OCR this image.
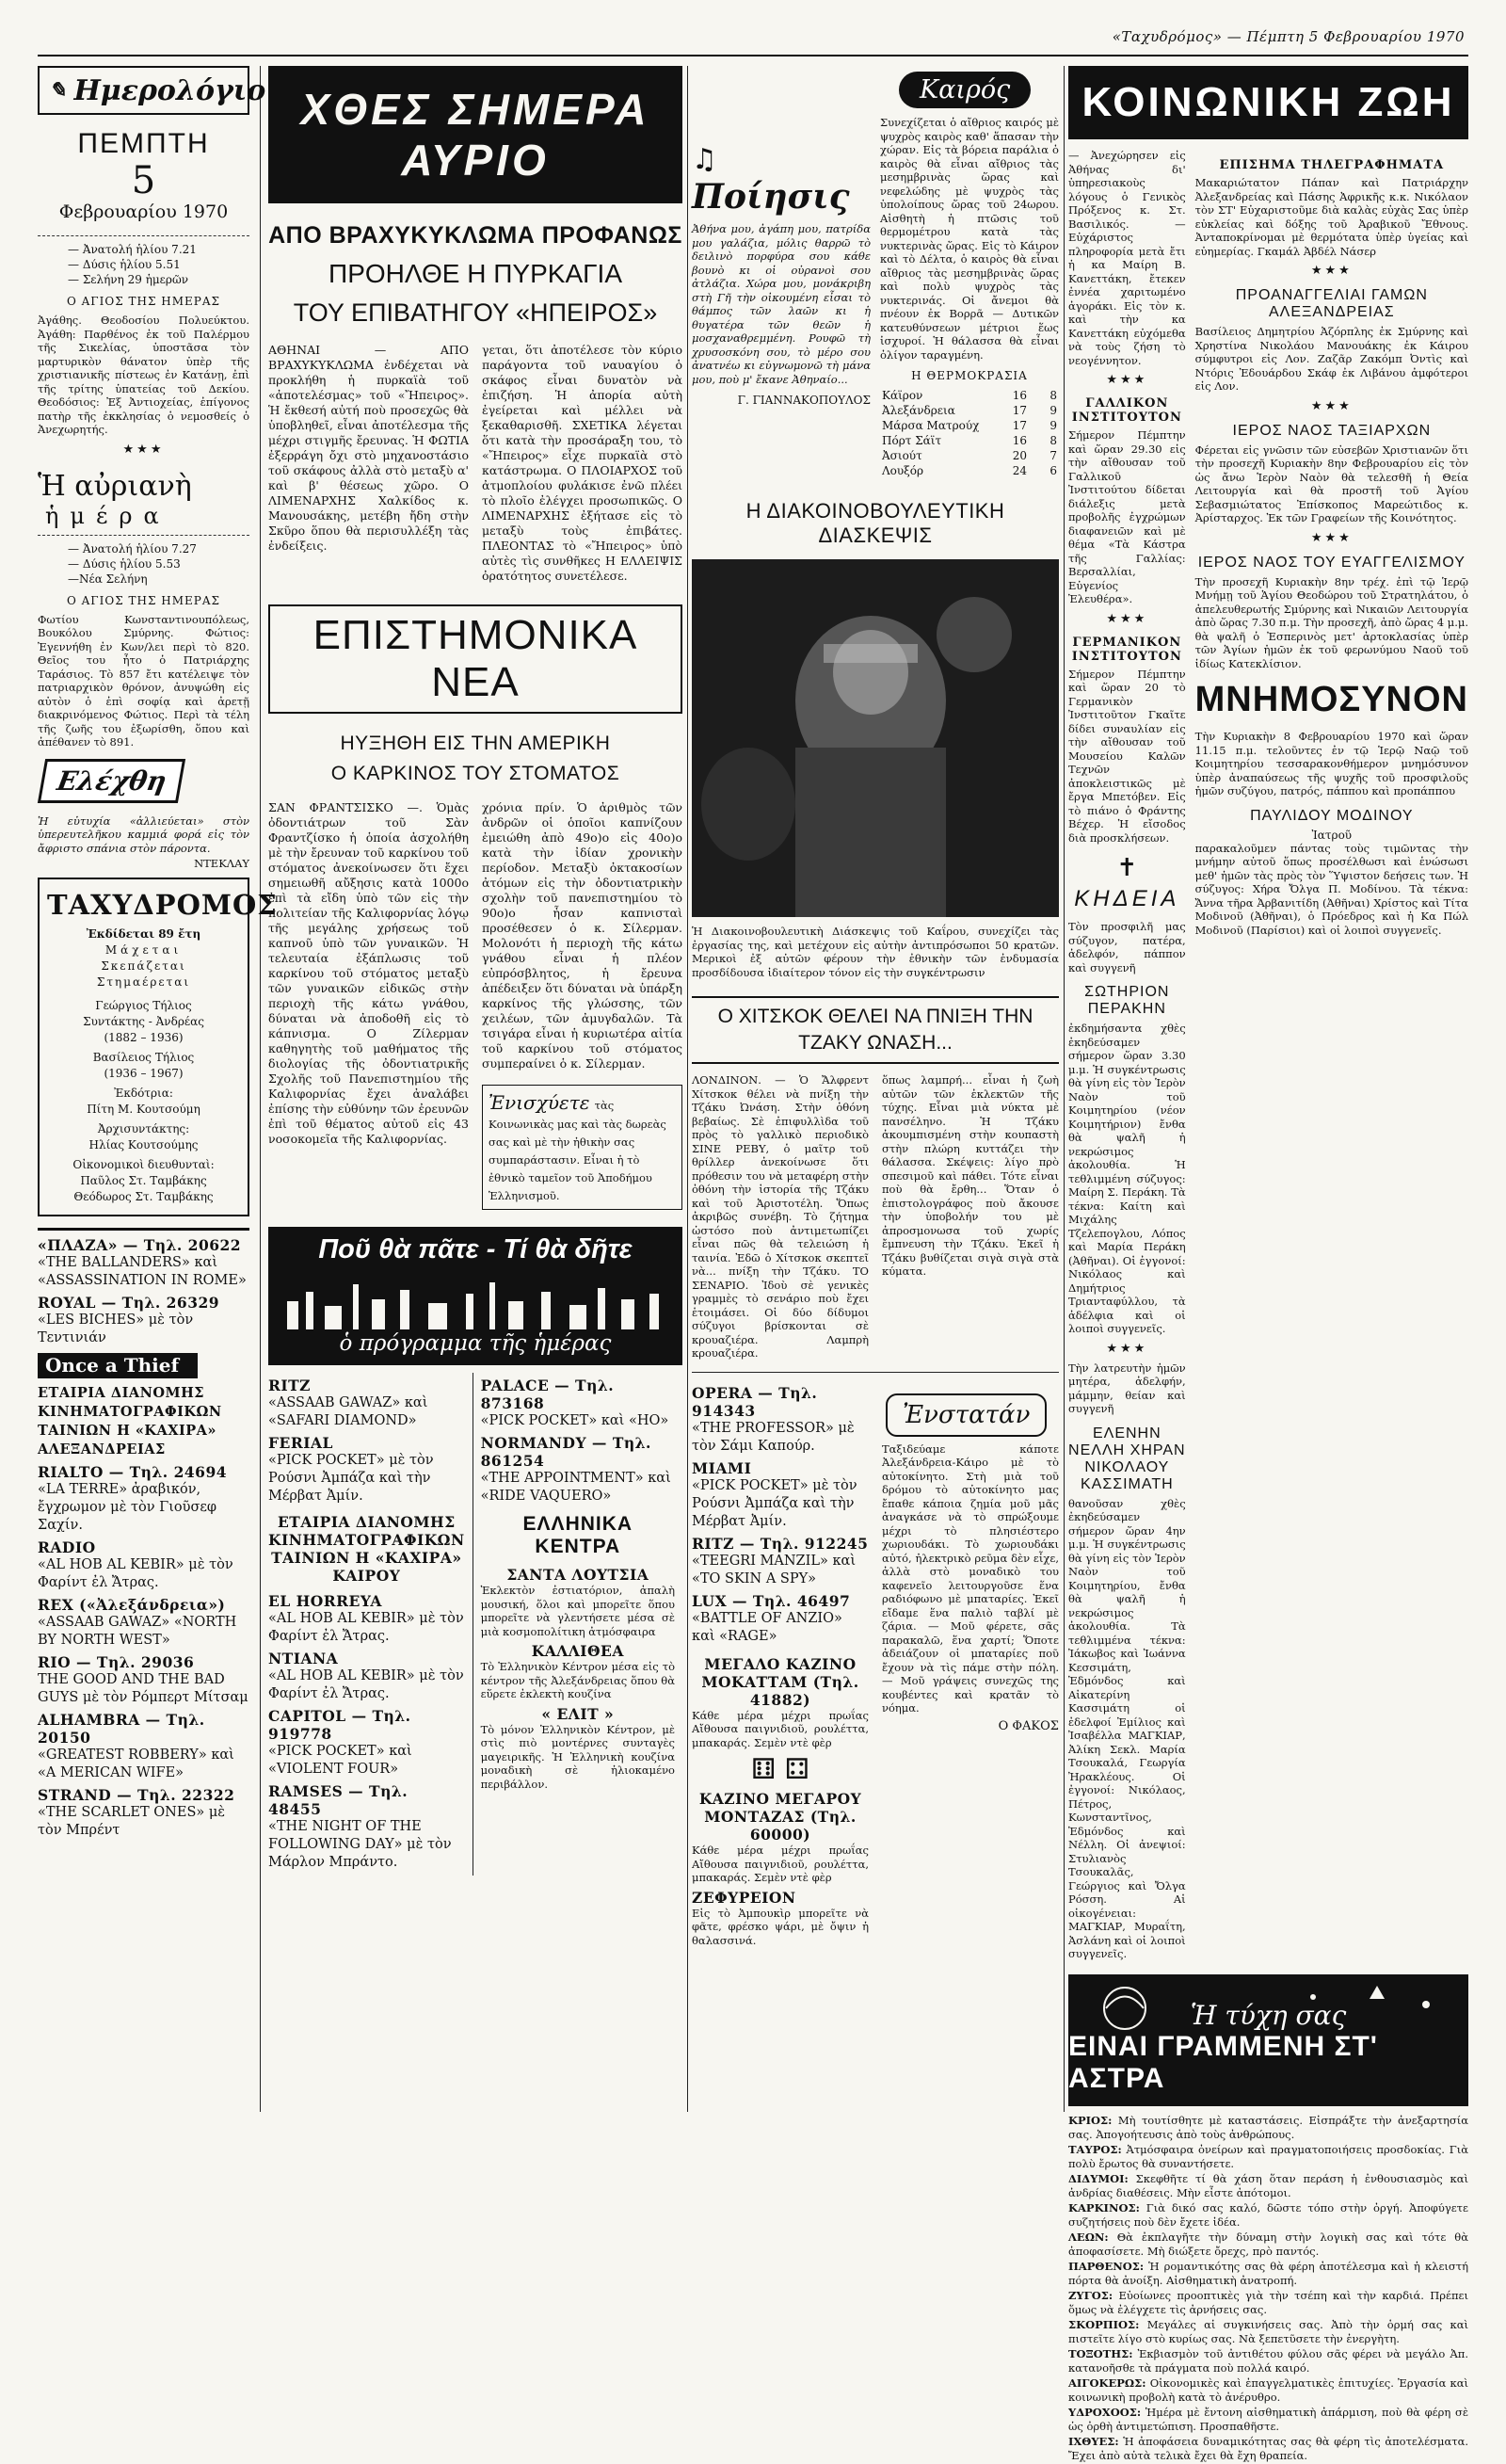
«Ταχυδρόμος» — Πέμπτη 5 Φεβρουαρίου 1970
✎ Ημερολόγιο
ΠΕΜΠΤΗ
5
Φεβρουαρίου 1970
— Ἀνατολή ἡλίου 7.21
— Δύσις ἡλίου 5.51
— Σελήνη 29 ἡμερῶν
Ο ΑΓΙΟΣ ΤΗΣ ΗΜΕΡΑΣ

Ἀγάθης. Θεοδοσίου Πολυεύκτου. Ἀγάθη: Παρθένος ἐκ τοῦ Παλέρμου τῆς Σικελίας, ὑποστᾶσα τὸν μαρτυρικὸν θάνατον ὑπὲρ τῆς χριστιανικῆς πίστεως ἐν Κατάνῃ, ἐπὶ τῆς τρίτης ὑπατείας τοῦ Δεκίου. Θεοδόσιος: Ἐξ Ἀντιοχείας, ἐπίγονος πατὴρ τῆς ἐκκλησίας ὁ νεμοσθείς ὁ Ἀνεχωρητής.

★★★
Ἡ αὐριανὴ
ἡμέρα
— Ἀνατολή ἡλίου 7.27
— Δύσις ἡλίου 5.53
—Νέα Σελήνη
Ο ΑΓΙΟΣ ΤΗΣ ΗΜΕΡΑΣ

Φωτίου Κωνσταντινουπόλεως, Βουκόλου Σμύρνης. Φώτιος: Ἐγεννήθη ἐν Κων/λει περὶ τὸ 820. Θεῖος του ἦτο ὁ Πατριάρχης Ταράσιος. Τὸ 857 ἔτι κατέλειψε τὸν πατριαρχικὸν θρόνον, ἀνυψώθη εἰς αὐτὸν ὁ ἐπὶ σοφίᾳ καὶ ἀρετῇ διακρινόμενος Φώτιος. Περὶ τὰ τέλη τῆς ζωῆς του ἐξωρίσθη, ὅπου καὶ ἀπέθανεν τὸ 891.

Ελέχθη

Ἡ εὐτυχία «ἀλλιεύεται» στὸν ὑπερευτελῆκου καμμιά φορά εἰς τὸν ἄφριστο σπάνια στὸν πάροντα.

ΝΤΕΚΛΑΥ
ΤΑΧΥΔΡΟΜΟΣ
Ἐκδίδεται 89 ἔτη
Μάχεται
Σκεπάζεται
Στημαέρεται
Γεώργιος Τήλιος
Συντάκτης - Ἀνδρέας
(1882 – 1936)
Βασίλειος Τήλιος
(1936 – 1967)
Ἐκδότρια:
Πίτη Μ. Κουτσούμη
Ἀρχισυντάκτης:
Ηλίας Κουτσούμης
Οἰκονομικοὶ διευθυνταὶ:
Παῦλος Στ. Ταμβάκης
Θεόδωρος Στ. Ταμβάκης
«ΠΛΑΖΑ» — Τηλ. 20622
«THE BALLANDERS» καὶ «ASSASSINATION IN ROME»
ROYAL — Τηλ. 26329
«LES BICHES» μὲ τὸν Τεντινιάν
Once a Thief
ΕΤΑΙΡΙΑ ΔΙΑΝΟΜΗΣ ΚΙΝΗΜΑΤΟΓΡΑΦΙΚΩΝ ΤΑΙΝΙΩΝ Η «ΚΑΧΙΡΑ» ΑΛΕΞΑΝΔΡΕΙΑΣ
RIALTO — Τηλ. 24694
«LA TERRE» ἀραβικόν, ἔγχρωμον μὲ τὸν Γιοῦσεφ Σαχίν.
RADIO
«AL HOB AL KEBIR» μὲ τὸν Φαρίντ ἐλ Ἄτρας.
REX («Ἀλεξάνδρεια»)
«ASSAAB GAWAZ» «NORTH BY NORTH WEST»
RIO — Τηλ. 29036
THE GOOD AND THE BAD GUYS μὲ τὸν Ρόμπερτ Μίτσαμ
ΑLHAMBRA — Τηλ. 20150
«GREATEST ROBBERY» καὶ «A MERICAN WIFE»
STRAND — Τηλ. 22322
«THE SCARLET ONES» μὲ τὸν Μπρέντ
ΧΘΕΣ ΣΗΜΕΡΑ ΑΥΡΙΟ
ΑΠΟ ΒΡΑΧΥΚΥΚΛΩΜΑ ΠΡΟΦΑΝΩΣ
ΠΡΟΗΛΘΕ Η ΠΥΡΚΑΓΙΑ
ΤΟΥ ΕΠΙΒΑΤΗΓΟΥ «ΗΠΕΙΡΟΣ»

ΑΘΗΝΑΙ — ΑΠΟ ΒΡΑΧΥΚΥΚΛΩΜΑ ἐνδέχεται νὰ προκλήθη ἡ πυρκαϊὰ τοῦ «ἀποτελέσμας» τοῦ «Ἤπειρος». Ἡ ἔκθεσή αὐτή ποὺ προσεχῶς θὰ ὑποβληθεῖ, εἶναι ἀποτέλεσμα τῆς μέχρι στιγμῆς ἔρευνας. Ἡ ΦΩΤΙΑ ἐξερράγη ὄχι στὸ μηχανοστάσιο τοῦ σκάφους ἀλλὰ στὸ μεταξὺ α' καὶ β' θέσεως χῶρο. Ο ΛΙΜΕΝΑΡΧΗΣ Χαλκίδος κ. Μανουσάκης, μετέβη ἤδη στὴν Σκῦρο ὅπου θὰ περισυλλέξη τὰς ἐνδείξεις.

γεται, ὅτι ἀποτέλεσε τὸν κύριο παράγοντα τοῦ ναυαγίου ὁ σκάφος εἶναι δυνατὸν νὰ ἐπιζήση. Ἡ ἀπορία αὐτὴ ἐγείρεται καὶ μέλλει νὰ ξεκαθαρισθῆ. ΣΧΕΤΙΚΑ λέγεται ὅτι κατὰ τὴν προσάραξη του, τὸ «Ἤπειρος» εἶχε πυρκαϊὰ στὸ κατάστρωμα. Ο ΠΛΟΙΑΡΧΟΣ τοῦ ἀτμοπλοίου φυλάκισε ἐνῶ πλέει τὸ πλοῖο ἐλέγχει προσωπικῶς. Ο ΛΙΜΕΝΑΡΧΗΣ ἐξήτασε εἰς τὸ μεταξὺ τοὺς ἐπιβάτες. ΠΛΕΟΝΤΑΣ τὸ «Ἤπειρος» ὑπὸ αὐτὲς τὶς συνθῆκες Η ΕΛΛΕΙΨΙΣ ὀρατότητος συνετέλεσε.

ΕΠΙΣΤΗΜΟΝΙΚΑ ΝΕΑ
ΗΥΞΗΘΗ ΕΙΣ ΤΗΝ ΑΜΕΡΙΚΗ
Ο ΚΑΡΚΙΝΟΣ ΤΟΥ ΣΤΟΜΑΤΟΣ

ΣΑΝ ΦΡΑΝΤΣΙΣΚΟ —. Ὁμὰς ὀδοντιάτρων τοῦ Σὰν Φραντζίσκο ἡ ὁποία ἀσχολήθη μὲ τὴν ἔρευναν τοῦ καρκίνου τοῦ στόματος ἀνεκοίνωσεν ὅτι ἔχει σημειωθῆ αὔξησις κατὰ 1000ο ἐπὶ τὰ εἴδη ὑπὸ τῶν εἰς τὴν πολιτείαν τῆς Καλιφορνίας λόγῳ τῆς μεγάλης χρήσεως τοῦ καπνοῦ ὑπὸ τῶν γυναικῶν. Ἡ τελευταία ἐξάπλωσις τοῦ καρκίνου τοῦ στόματος μεταξὺ τῶν γυναικῶν εἰδικῶς στὴν περιοχὴ τῆς κάτω γνάθου, δύναται νὰ ἀποδοθῆ εἰς τὸ κάπνισμα. Ο Ζίλερμαν καθηγητὴς τοῦ μαθήματος τῆς διολογίας τῆς ὀδοντιατρικῆς Σχολῆς τοῦ Πανεπιστημίου τῆς Καλιφορνίας ἔχει ἀναλάβει ἐπίσης τὴν εὐθύνην τῶν ἐρευνῶν ἐπὶ τοῦ θέματος αὐτοῦ εἰς 43 νοσοκομεῖα τῆς Καλιφορνίας.

χρόνια πρίν. Ὁ ἀριθμὸς τῶν ἀνδρῶν οἱ ὁποῖοι καπνίζουν ἐμειώθη ἀπὸ 49ο)ο εἰς 40ο)ο κατὰ τὴν ἰδίαν χρονικὴν περίοδον. Μεταξὺ ὀκτακοσίων ἀτόμων εἰς τὴν ὀδοντιατρικὴν σχολὴν τοῦ πανεπιστημίου τὸ 90ο)ο ἦσαν καπνισταὶ προσέθεσεν ὁ κ. Σίλερμαν. Μολονότι ἡ περιοχὴ τῆς κάτω γνάθου εἶναι ἡ πλέον εὐπρόσβλητος, ἡ ἔρευνα ἀπέδειξεν ὅτι δύναται νὰ ὑπάρξη καρκίνος τῆς γλώσσης, τῶν χειλέων, τῶν ἀμυγδαλῶν. Τὰ τσιγάρα εἶναι ἡ κυριωτέρα αἰτία τοῦ καρκίνου τοῦ στόματος συμπεραίνει ὁ κ. Σίλερμαν.

Ἐνισχύετε τὰς Κοινωνικὰς μας καὶ τὰς δωρεὰς σας καὶ μὲ τὴν ἠθικὴν σας συμπαράστασιν. Εἶναι ἡ τὸ ἐθνικὸ ταμεῖον τοῦ Ἀποδήμου Ἑλληνισμοῦ.
Ποῦ θὰ πᾶτε - Τί θὰ δῆτε
ὁ πρόγραμμα τῆς ἡμέρας
RITZ
«ASSAAB GAWAZ» καὶ «SAFARI DIAMOND»
FERIAL
«PICK POCKET» μὲ τὸν Ρούσνι Ἀμπάζα καὶ τὴν Μέρβατ Ἀμίν.
ΕΤΑΙΡΙΑ ΔΙΑΝΟΜΗΣ ΚΙΝΗΜΑΤΟΓΡΑΦΙΚΩΝ ΤΑΙΝΙΩΝ Η «ΚΑΧΙΡΑ» ΚΑΙΡΟΥ
EL HORREYA
«AL HOB AL KEBIR» μὲ τὸν Φαρίντ ἐλ Ἄτρας.
ΝΤΙΑΝΑ
«AL HOB AL KEBIR» μὲ τὸν Φαρίντ ἐλ Ἄτρας.
CAPITOL — Τηλ. 919778
«PICK POCKET» καὶ «VIOLENT FOUR»
RAMSES — Τηλ. 48455
«THE NIGHT OF THE FOLLOWING DAY» μὲ τὸν Μάρλον Μπράντο.
PALACE — Τηλ. 873168
«PICK POCKET» καὶ «HO»
NORMANDY — Τηλ. 861254
«THE APPOINTMENT» καὶ «RIDE VAQUERO»
ΕΛΛΗΝΙΚΑ ΚΕΝΤΡΑ
ΣΑΝΤΑ ΛΟΥΤΣΙΑ

Ἐκλεκτὸν ἐστιατόριον, ἁπαλὴ μουσική, ὅλοι καὶ μπορεῖτε ὅπου μπορεῖτε νὰ γλεντήσετε μέσα σὲ μιὰ κοσμοπολίτικη ἀτμόσφαιρα

ΚΑΛΛΙΘΕΑ

Τὸ Ἑλληνικὸν Κέντρον μέσα εἰς τὸ κέντρον τῆς Ἀλεξάνδρειας ὅπου θὰ εὕρετε ἐκλεκτὴ κουζίνα

« ΕΛΙΤ »

Τὸ μόνον Ἑλληνικὸν Κέντρον, μὲ στὶς πιὸ μοντέρνες συνταγὲς μαγειρικῆς. Ἡ Ἑλληνικὴ κουζίνα μοναδικὴ σὲ ἡλιοκαμένο περιβάλλον.

♫ Ποίησις

Ἀθήνα μου, ἀγάπη μου, πατρίδα μου γαλάζια, μόλις θαρρῶ τὸ δειλινὸ πορφύρα σου κάθε βουνὸ κι οἱ οὐρανοὶ σου ἀτλάζια. Χώρα μου, μονάκριβη στὴ Γῆ τὴν οἰκουμένη εἶσαι τὸ θάμπος τῶν λαῶν κι ἡ θυγατέρα τῶν θεῶν ἡ μοσχαναθρεμμένη. Ρουφῶ τὴ χρυσοσκόνη σου, τὸ μέρο σου ἀνατνέω κι εὐγνωμονῶ τὴ μάνα μου, ποὺ μ' ἔκανε Ἀθηναίο...

Γ. ΓΙΑΝΝΑΚΟΠΟΥΛΟΣ
Καιρός

Συνεχίζεται ὁ αἴθριος καιρός μὲ ψυχρὸς καιρὸς καθ' ἅπασαν τὴν χώραν. Εἰς τὰ βόρεια παράλια ὁ καιρὸς θὰ εἶναι αἴθριος τὰς μεσημβρινὰς ὥρας καὶ νεφελώδης μὲ ψυχρὸς τὰς ὑπολοίπους ὥρας τοῦ 24ωρου. Αἰσθητὴ ἡ πτῶσις τοῦ θερμομέτρου κατὰ τὰς νυκτερινὰς ὥρας. Εἰς τὸ Κάιρον καὶ τὸ Δέλτα, ὁ καιρὸς θὰ εἶναι αἴθριος τὰς μεσημβρινὰς ὥρας καὶ πολὺ ψυχρὸς τὰς νυκτερινάς. Οἱ ἄνεμοι θὰ πνέουν ἐκ Βορρᾶ — Δυτικῶν κατευθύνσεων μέτριοι ἕως ἰσχυροί. Ἡ θάλασσα θὰ εἶναι ὀλίγον ταραγμένη.

Η ΘΕΡΜΟΚΡΑΣΙΑ
Κάϊρον	16	8
Ἀλεξάνδρεια	17	9
Μάρσα Ματρούχ	17	9
Πόρτ Σάϊτ	16	8
Ἀσιούτ	20	7
Λουξόρ	24	6
Η ΔΙΑΚΟΙΝΟΒΟΥΛΕΥΤΙΚΗ ΔΙΑΣΚΕΨΙΣ

Ἡ Διακοινοβουλευτικὴ Διάσκεψις τοῦ Καΐρου, συνεχίζει τὰς ἐργασίας της, καὶ μετέχουν εἰς αὐτὴν ἀντιπρόσωποι 50 κρατῶν. Μερικοὶ ἐξ αὐτῶν φέρουν τὴν ἐθνικὴν τῶν ἐνδυμασία προσδίδουσα ἰδιαίτερον τόνον εἰς τὴν συγκέντρωσιν

Ο ΧΙΤΣΚΟΚ ΘΕΛΕΙ ΝΑ ΠΝΙΞΗ ΤΗΝ ΤΖΑΚΥ ΩΝΑΣΗ...

ΛΟΝΔΙΝΟΝ. — Ὁ Ἄλφρεντ Χίτσκοκ θέλει νὰ πνίξη τὴν Τζάκυ Ὠνάση. Στὴν ὀθόνη βεβαίως. Σὲ ἐπιφυλλὶδα τοῦ πρὸς τὸ γαλλικὸ περιοδικὸ ΣΙΝΕ ΡΕΒΥ, ὁ μαῖτρ τοῦ θρίλλερ ἀνεκοίνωσε ὅτι πρόθεσιν του νὰ μεταφέρη στὴν ὀθόνη τὴν ἱστορία τῆς Τζάκυ καὶ τοῦ Ἀριστοτέλη. Ὅπως ἀκριβῶς συνέβη. Τὸ ζήτημα ὡστόσο ποὺ ἀντιμετωπίζει εἶναι πῶς θὰ τελειώση ἡ ταινία. Ἐδῶ ὁ Χίτσκοκ σκεπτεῖ νὰ... πνίξη τὴν Τζάκυ. ΤΟ ΣΕΝΑΡΙΟ. Ἰδοὺ σὲ γενικὲς γραμμὲς τὸ σενάριο ποὺ ἔχει ἑτοιμάσει. Οἱ δύο δίδυμοι σύζυγοι βρίσκονται σὲ κρουαζιέρα. Λαμπρὴ κρουαζιέρα.

ὅπως λαμπρή... εἶναι ἡ ζωὴ αὐτῶν τῶν ἐκλεκτῶν τῆς τύχης. Εἶναι μιὰ νύκτα μὲ πανσέληνο. Ἡ Τζάκυ ἀκουμπισμένη στὴν κουπαστὴ στὴν πλώρη κυττάζει τὴν θάλασσα. Σκέψεις: λίγο πρὸ σπεσιμοῦ καὶ πάθει. Τότε εἶναι ποὺ θὰ ἔρθη... Ὅταν ὁ ἐπιστολογράφος ποὺ ἄκουσε τὴν ὑποβολήν του μὲ ἀπροσμονωσα τοῦ χωρίς ἔμπνευση τὴν Τζάκυ. Ἐκεῖ ἡ Τζάκυ βυθίζεται σιγὰ σιγὰ στὰ κύματα.

OPERA — Τηλ. 914343
«THE PROFESSOR» μὲ τὸν Σάμι Καπούρ.
ΜΙΑΜΙ
«PICK POCKET» μὲ τὸν Ρούσνι Ἀμπάζα καὶ τὴν Μέρβατ Ἀμίν.
RITZ — Τηλ. 912245
«TEEGRI MANZIL» καὶ «TO SKIN A SPY»
LUX — Τηλ. 46497
«BATTLE OF ANZIO» καὶ «RAGE»
ΜΕΓΑΛΟ ΚΑΖΙΝΟ ΜΟΚΑΤΤΑΜ (Τηλ. 41882)

Κάθε μέρα μέχρι πρωΐας Αἴθουσα παιγνιδιοῦ, ρουλέττα, μπακαράς. Σεμὲν ντὲ φὲρ

⚅ ⚃
ΚΑΖΙΝΟ ΜΕΓΑΡΟΥ ΜΟΝΤΑΖΑΣ (Τηλ. 60000)

Κάθε μέρα μέχρι πρωΐας Αἴθουσα παιγνιδιοῦ, ρουλέττα, μπακαράς. Σεμὲν ντὲ φὲρ

ΖΕΦΥΡΕΙΟΝ

Εἰς τὸ Ἀμπουκὶρ μπορεῖτε νὰ φᾶτε, φρέσκο ψάρι, μὲ ὄψιν ἡ θαλασσινά.

Ἐνστατάν

Ταξιδεύαμε κάποτε Ἀλεξάνδρεια-Κάιρο μὲ τὸ αὐτοκίνητο. Στὴ μιὰ τοῦ δρόμου τὸ αὐτοκίνητο μας ἔπαθε κάποια ζημία μοῦ μᾶς ἀναγκάσε νὰ τὸ σπρώξουμε μέχρι τὸ πλησιέστερο χωριουδάκι. Τὸ χωριουδάκι αὐτό, ἠλεκτρικὸ ρεῦμα δὲν εἶχε, ἀλλὰ στὸ μοναδικὸ του καφενεῖο λειτουργοῦσε ἕνα ραδιόφωνο μὲ μπαταρίες. Ἐκεῖ εἴδαμε ἕνα παλιὸ ταβλί μὲ ζάρια. — Μοῦ φέρετε, σᾶς παρακαλῶ, ἕνα χαρτί; Ὅποτε ἀδειάζουν οἱ μπαταρίες ποῦ ἔχουν νὰ τὶς πάμε στὴν πόλη. — Μοῦ γράψεις συνεχῶς της κουβέντες καὶ κρατᾶν τὸ νόημα.

Ο ΦΑΚΟΣ
ΚΟΙΝΩΝΙΚΗ ΖΩΗ

— Ἀνεχώρησεν εἰς Ἀθήνας δι' ὑπηρεσιακοὺς λόγους ὁ Γενικὸς Πρόξενος κ. Στ. Βασιλικός. — Εὐχάριστος πληροφορία μετὰ ἔτι ἡ κα Μαίρη Β. Κανεττάκη, ἔτεκεν ἐννέα χαριτωμένο ἀγοράκι. Εἰς τὸν κ. καὶ τὴν κα Κανεττάκη εὐχόμεθα νὰ τοὺς ζήση τὸ νεογέννητον.

★★★
ΓΑΛΛΙΚΟΝ ΙΝΣΤΙΤΟΥΤΟΝ

Σήμερον Πέμπτην καὶ ὥραν 29.30 εἰς τὴν αἴθουσαν τοῦ Γαλλικοῦ Ἰνστιτούτου δίδεται διάλεξις μετὰ προβολῆς ἐγχρώμων διαφανειῶν καὶ μὲ θέμα «Τὰ Κάστρα τῆς Γαλλίας: Βερσαλλίαι, Εὐγενίος Ἐλευθέρα».

★★★
ΓΕΡΜΑΝΙΚΟΝ ΙΝΣΤΙΤΟΥΤΟΝ

Σήμερον Πέμπτην καὶ ὥραν 20 τὸ Γερμανικὸν Ἰνστιτοῦτον Γκαῖτε δίδει συναυλίαν εἰς τὴν αἴθουσαν τοῦ Μουσείου Καλῶν Τεχνῶν ἀποκλειστικῶς μὲ ἔργα Μπετόβεν. Εἰς τὸ πιάνο ὁ Φράντης Βέχερ. Ἡ εἴσοδος διὰ προσκλήσεων.

✝
ΚΗΔΕΙΑ

Τὸν προσφιλῆ μας σύζυγον, πατέρα, ἀδελφόν, πάππον καὶ συγγενῆ

ΣΩΤΗΡΙΟΝ ΠΕΡΑΚΗΝ

ἐκδημήσαντα χθὲς ἐκηδεύσαμεν σήμερον ὥραν 3.30 μ.μ. Ἡ συγκέντρωσις θὰ γίνη εἰς τὸν Ἱερὸν Ναὸν τοῦ Κοιμητηρίου (νέον Κοιμητήριον) ἔνθα θὰ ψαλῆ ἡ νεκρώσιμος ἀκολουθία. Ἡ τεθλιμμένη σύζυγος: Μαίρη Σ. Περάκη. Τὰ τέκνα: Καίτη καὶ Μιχάλης Τζελεπογλου, Λόπος καὶ Μαρία Περάκη (Ἀθῆναι). Οἱ ἐγγονοί: Νικόλαος καὶ Δημήτριος Τριανταφύλλου, τὰ ἀδέλφια καὶ οἱ λοιποὶ συγγενεῖς.

★★★

Τὴν λατρευτὴν ἡμῶν μητέρα, ἀδελφήν, μάμμην, θείαν καὶ συγγενῆ

ΕΛΕΝΗΝ ΝΕΛΛΗ ΧΗΡΑΝ ΝΙΚΟΛΑΟΥ ΚΑΣΣΙΜΑΤΗ

θανοῦσαν χθὲς ἐκηδεύσαμεν σήμερον ὥραν 4ην μ.μ. Ἡ συγκέντρωσις θὰ γίνη εἰς τὸν Ἱερὸν Ναὸν τοῦ Κοιμητηρίου, ἔνθα θὰ ψαλῆ ἡ νεκρώσιμος ἀκολουθία. Τὰ τεθλιμμένα τέκνα: Ἰάκωβος καὶ Ἰωάννα Κεσσιμάτη, Ἐδμόνδος καὶ Αἰκατερίνη Κασσιμάτη οἱ ἐδελφοί Ἐμίλιος καὶ Ἰσαβέλλα ΜΑΓΚΙΑΡ, Ἀλίκη Σεκλ. Μαρία Τσουκαλά, Γεωργία Ἠρακλέους. Οἱ ἐγγονοί: Νικόλαος, Πέτρος, Κωνσταντῖνος, Ἐδμόνδος καὶ Νέλλη. Οἱ ἀνεψιοί: Στυλιανὸς Τσουκαλᾶς, Γεώργιος καὶ Ὄλγα Ρόσση. Αἱ οἰκογένειαι: ΜΑΓΚΙΑΡ, Μυραΐτη, Ἀσλάνη καὶ οἱ λοιποὶ συγγενεῖς.

ΕΠΙΣΗΜΑ ΤΗΛΕΓΡΑΦΗΜΑΤΑ

Μακαριώτατον Πάπαν καὶ Πατριάρχην Ἀλεξανδρείας καὶ Πάσης Ἀφρικῆς κ.κ. Νικόλαον τὸν ΣΤ' Εὐχαριστοῦμε διὰ καλὰς εὐχὰς Σας ὑπὲρ εὐκλείας καὶ δόξης τοῦ Ἀραβικοῦ Ἔθνους. Ἀνταποκρίνομαι μὲ θερμότατα ὑπὲρ ὑγείας καὶ εὐημερίας. Γκαμάλ Ἀβδέλ Νάσερ

★★★
ΠΡΟΑΝΑΓΓΕΛΙΑΙ ΓΑΜΩΝ ΑΛΕΞΑΝΔΡΕΙΑΣ

Βασίλειος Δημητρίου Ἀζόρπλης ἐκ Σμύρνης καὶ Χρηστίνα Νικολάου Μανουάκης ἐκ Κάιρου σύμφυτροι εἰς Λον. Ζαζᾶρ Ζακόμπ Ὀντὶς καὶ Ντόρις Ἐδουάρδου Σκάφ ἐκ Λιβάνου ἀμφότεροι εἰς Λον.

★★★
ΙΕΡΟΣ ΝΑΟΣ ΤΑΞΙΑΡΧΩΝ

Φέρεται εἰς γνῶσιν τῶν εὐσεβῶν Χριστιανῶν ὅτι τὴν προσεχῆ Κυριακὴν 8ην Φεβρουαρίου εἰς τὸν ὡς ἄνω Ἱερὸν Ναὸν θὰ τελεσθῆ ἡ Θεία Λειτουργία καὶ θὰ προστῆ τοῦ Ἀγίου Σεβασμιώτατος Ἐπίσκοπος Μαρεώτιδος κ. Ἀρίσταρχος. Ἐκ τῶν Γραφείων τῆς Κοινότητος.

★★★
ΙΕΡΟΣ ΝΑΟΣ ΤΟΥ ΕΥΑΓΓΕΛΙΣΜΟΥ

Τὴν προσεχῆ Κυριακὴν 8ην τρέχ. ἐπὶ τῷ Ἱερῷ Μνήμῃ τοῦ Ἁγίου Θεοδώρου τοῦ Στρατηλάτου, ὁ ἀπελευθερωτής Σμύρνης καὶ Νικαιῶν Λειτουργία ἀπὸ ὥρας 7.30 π.μ. Τὴν προσεχῆ, ἀπὸ ὥρας 4 μ.μ. θὰ ψαλῆ ὁ Ἐσπερινὸς μετ' ἀρτοκλασίας ὑπὲρ τῶν Ἁγίων ἡμῶν ἐκ τοῦ φερωνύμου Ναοῦ τοῦ ἰδίως Κατεκλίσιον.

ΜΝΗΜΟΣΥΝΟΝ

Τὴν Κυριακὴν 8 Φεβρουαρίου 1970 καὶ ὥραν 11.15 π.μ. τελοῦντες ἐν τῷ Ἱερῷ Ναῷ τοῦ Κοιμητηρίου τεσσαρακονθήμερον μνημόσυνον ὑπὲρ ἀναπαύσεως τῆς ψυχῆς τοῦ προσφιλοῦς ἡμῶν συζύγου, πατρός, πάππου καὶ προπάππου

ΠΑΥΛΙΔΟΥ ΜΟΔΙΝΟΥ
Ἰατροῦ

παρακαλοῦμεν πάντας τοὺς τιμῶντας τὴν μνήμην αὐτοῦ ὅπως προσέλθωσι καὶ ἑνώσωσι μεθ' ἡμῶν τὰς πρὸς τὸν Ὕψιστον δεήσεις των. Ἡ σύζυγος: Χήρα Ὄλγα Π. Μοδίνου. Τὰ τέκνα: Ἄννα τῆρα Ἀρβανιτίδη (Ἀθῆναι) Χρίστος καὶ Τίτα Μοδινοῦ (Ἀθῆναι), ὁ Πρόεδρος καὶ ἡ Κα Πώλ Μοδινοῦ (Παρίσιοι) καὶ οἱ λοιποὶ συγγενεῖς.

Ἡ τύχη σας
ΕΙΝΑΙ ΓΡΑΜΜΕΝΗ ΣΤ' ΑΣΤΡΑ

ΚΡΙΟΣ: Μὴ τουτίσθητε μὲ καταστάσεις. Εἰσπράξτε τὴν ἀνεξαρτησία σας. Ἀπογοήτευσις ἀπὸ τοὺς ἀνθρώπους.

ΤΑΥΡΟΣ: Ἀτμόσφαιρα ὀνείρων καὶ πραγματοποιήσεις προσδοκίας. Γιὰ πολὺ ἔρωτος θὰ συναντήσετε.

ΔΙΔΥΜΟΙ: Σκεφθῆτε τί θὰ χάση ὅταν περάση ἡ ἐνθουσιασμὸς καὶ ἀνδρίας διαθέσεις. Μὴν εἶστε ἀπότομοι.

ΚΑΡΚΙΝΟΣ: Γιὰ δικό σας καλό, δῶστε τόπο στὴν ὀργή. Ἀποφύγετε συζητήσεις ποὺ δὲν ἔχετε ἰδέα.

ΛΕΩΝ: Θὰ ἐκπλαγῆτε τὴν δύναμη στὴν λογικὴ σας καὶ τότε θὰ ἀποφασίσετε. Μὴ διώξετε ὄρεχς, πρὸ παντός.

ΠΑΡΘΕΝΟΣ: Ἡ ρομαντικότης σας θὰ φέρη ἀποτέλεσμα καὶ ἡ κλειστή πόρτα θὰ ἀνοίξη. Αἰσθηματικὴ ἀνατροπή.

ΖΥΓΟΣ: Εὐοίωνες προοπτικὲς γιὰ τὴν τσέπη καὶ τὴν καρδιά. Πρέπει ὅμως νὰ ἐλέγχετε τὶς ἀρνήσεις σας.

ΣΚΟΡΠΙΟΣ: Μεγάλες αἱ συγκινήσεις σας. Ἀπὸ τὴν ὁρμή σας καὶ πιστεῖτε λίγο στὸ κυρίως σας. Νὰ ξεπετῦσετε τὴν ἐνεργὴτη.

ΤΟΞΟΤΗΣ: Ἐκβιασμὸν τοῦ ἀντιθέτου φύλου σᾶς φέρει νὰ μεγάλο Ἀπ. κατανοῆσθε τὰ πράγματα ποὺ πολλά καιρό.

ΑΙΓΟΚΕΡΩΣ: Οἰκονομικὲς καὶ ἐπαγγελματικὲς ἐπιτυχίες. Ἐργασία καὶ κοινωνικὴ προβολὴ κατὰ τὸ ἀνέρυθρο.

ΥΔΡΟΧΟΟΣ: Ἡμέρα μὲ ἔντονη αἰσθηματικὴ ἀπάρμιση, ποὺ θὰ φέρη σὲ ὡς ὀρθὴ ἀντιμετώπιση. Προσπαθῆστε.

ΙΧΘΥΕΣ: Ἡ ἀποφάσεια δυναμικότητας σας θὰ φέρη τὶς ἀποτελέσματα. Ἔχει ἀπὸ αὐτὰ τελικὰ ἔχει θὰ ἔχη θραπεία.
